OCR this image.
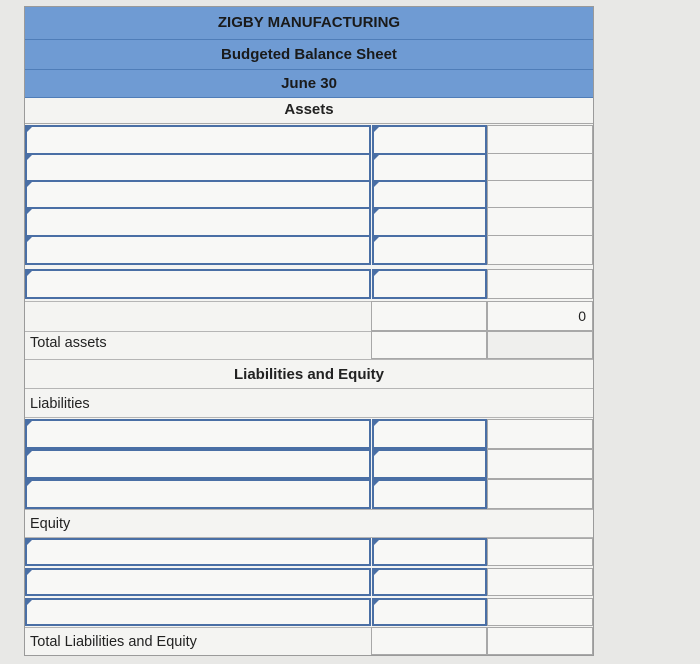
ZIGBY MANUFACTURING
Budgeted Balance Sheet
June 30
Assets
0
Total assets
Liabilities and Equity
Liabilities
Equity
Total Liabilities and Equity
